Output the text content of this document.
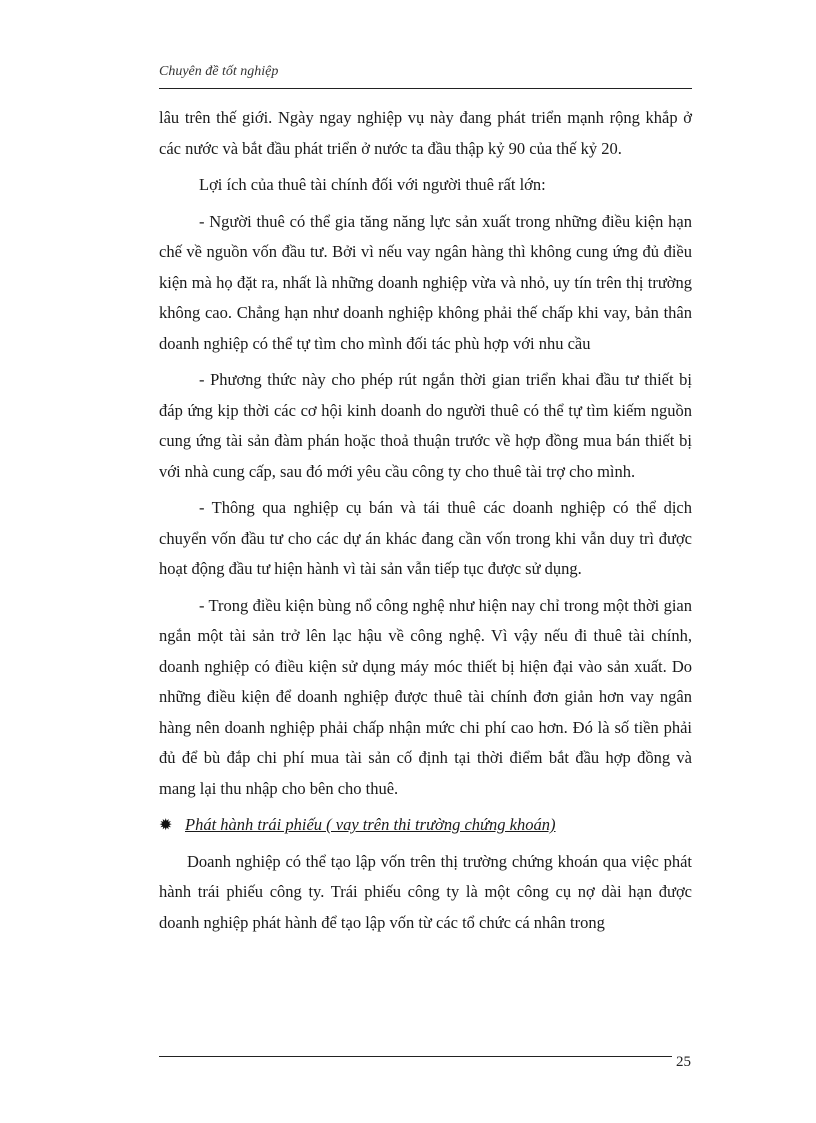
Chuyên đề tốt nghiệp

lâu trên thế giới. Ngày ngay nghiệp vụ này đang phát triển mạnh rộng khắp ở các nước và bắt đầu phát triển ở nước ta đầu thập kỷ 90 của thế kỷ 20.

Lợi ích của thuê tài chính đối với người thuê rất lớn:

- Người thuê có thể gia tăng năng lực sản xuất trong những điều kiện hạn chế về nguồn vốn đầu tư. Bởi vì nếu vay ngân hàng thì không cung ứng đủ điều kiện mà họ đặt ra, nhất là những doanh nghiệp vừa và nhỏ, uy tín trên thị trường không cao. Chẳng hạn như doanh nghiệp không phải thế chấp khi vay, bản thân doanh nghiệp có thể tự tìm cho mình đối tác phù hợp với nhu cầu

- Phương thức này cho phép rút ngắn thời gian triển khai đầu tư thiết bị đáp ứng kịp thời các cơ hội kinh doanh do người thuê có thể tự tìm kiếm nguồn cung ứng tài sản đàm phán hoặc thoả thuận trước về hợp đồng mua bán thiết bị với nhà cung cấp, sau đó mới yêu cầu công ty cho thuê tài trợ cho mình.

- Thông qua nghiệp cụ bán và tái thuê các doanh nghiệp có thể dịch chuyển vốn đầu tư cho các dự án khác đang cần vốn trong khi vẫn duy trì được hoạt động đầu tư hiện hành vì tài sản vẫn tiếp tục được sử dụng.

- Trong điều kiện bùng nổ công nghệ như hiện nay chỉ trong một thời gian ngắn một tài sản trở lên lạc hậu về công nghệ. Vì vậy nếu đi thuê tài chính, doanh nghiệp có điều kiện sử dụng máy móc thiết bị hiện đại vào sản xuất. Do những điều kiện để doanh nghiệp được thuê tài chính đơn giản hơn vay ngân hàng nên doanh nghiệp phải chấp nhận mức chi phí cao hơn. Đó là số tiền phải đủ để bù đắp chi phí mua tài sản cố định tại thời điểm bắt đầu hợp đồng và mang lại thu nhập cho bên cho thuê.

✹ Phát hành trái phiếu ( vay trên thi trường chứng khoán)

Doanh nghiệp có thể tạo lập vốn trên thị trường chứng khoán qua việc phát hành trái phiếu công ty. Trái phiếu công ty là một công cụ nợ dài hạn được doanh nghiệp phát hành để tạo lập vốn từ các tổ chức cá nhân trong

25
